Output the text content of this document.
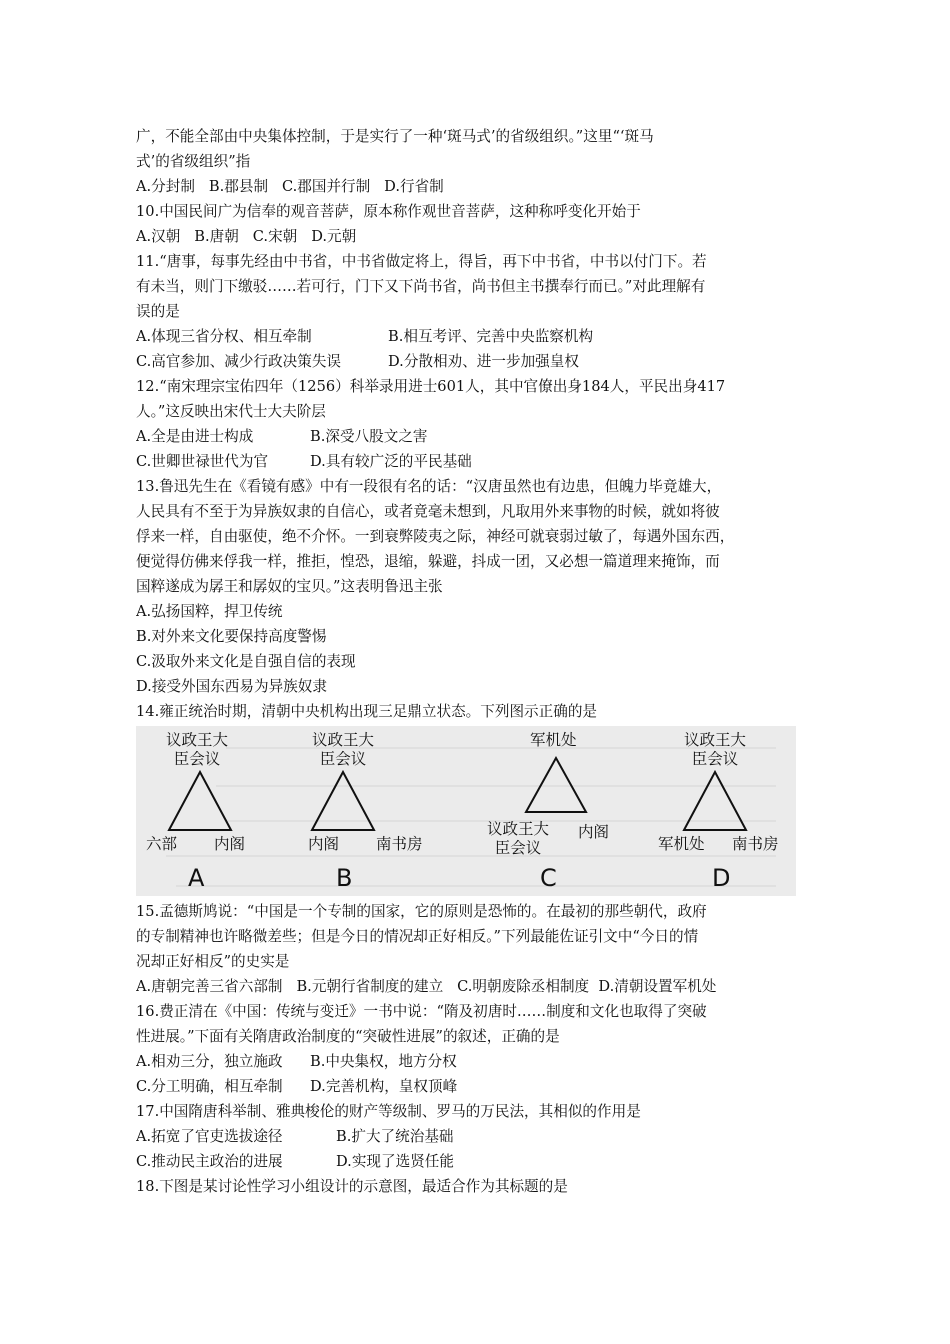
广，不能全部由中央集体控制，于是实行了一种‘斑马式’的省级组织。”这里“‘斑马
式’的省级组织”指
A.分封制 B.郡县制 C.郡国并行制 D.行省制
10.中国民间广为信奉的观音菩萨，原本称作观世音菩萨，这种称呼变化开始于
A.汉朝 B.唐朝 C.宋朝 D.元朝
11.“唐事，每事先经由中书省，中书省做定将上，得旨，再下中书省，中书以付门下。若
有未当，则门下缴驳……若可行，门下又下尚书省，尚书但主书撰奉行而已。”对此理解有
误的是
A.体现三省分权、相互牵制	B.相互考评、完善中央监察机构
C.高官参加、减少行政决策失误	D.分散相劝、进一步加强皇权
12.“南宋理宗宝佑四年（1256）科举录用进士601人，其中官僚出身184人，平民出身417
人。”这反映出宋代士大夫阶层
A.全是由进士构成	B.深受八股文之害
C.世卿世禄世代为官	D.具有较广泛的平民基础
13.鲁迅先生在《看镜有感》中有一段很有名的话：“汉唐虽然也有边患，但魄力毕竟雄大，
人民具有不至于为异族奴隶的自信心，或者竟毫未想到，凡取用外来事物的时候，就如将彼
俘来一样，自由驱使，绝不介怀。一到衰弊陵夷之际，神经可就衰弱过敏了，每遇外国东西，
便觉得仿佛来俘我一样，推拒，惶恐，退缩，躲避，抖成一团，又必想一篇道理来掩饰，而
国粹遂成为孱王和孱奴的宝贝。”这表明鲁迅主张
A.弘扬国粹，捍卫传统
B.对外来文化要保持高度警惕
C.汲取外来文化是自强自信的表现
D.接受外国东西易为异族奴隶
14.雍正统治时期，清朝中央机构出现三足鼎立状态。下列图示正确的是
议政王大
臣会议
六部 内阁
A
议政王大
臣会议
内阁 南书房
B
军机处
议政王大
臣会议
内阁
C
议政王大
臣会议
军机处 南书房
D
15.孟德斯鸠说：“中国是一个专制的国家，它的原则是恐怖的。在最初的那些朝代，政府
的专制精神也许略微差些；但是今日的情况却正好相反。”下列最能佐证引文中“今日的情
况却正好相反”的史实是
A.唐朝完善三省六部制 B.元朝行省制度的建立 C.明朝废除丞相制度 D.清朝设置军机处
16.费正清在《中国：传统与变迁》一书中说：“隋及初唐时……制度和文化也取得了突破
性进展。”下面有关隋唐政治制度的“突破性进展”的叙述，正确的是
A.相劝三分，独立施政 B.中央集权，地方分权
C.分工明确，相互牵制 D.完善机构，皇权顶峰
17.中国隋唐科举制、雅典梭伦的财产等级制、罗马的万民法，其相似的作用是
A.拓宽了官吏选拔途径	B.扩大了统治基础
C.推动民主政治的进展	D.实现了选贤任能
18.下图是某讨论性学习小组设计的示意图，最适合作为其标题的是
